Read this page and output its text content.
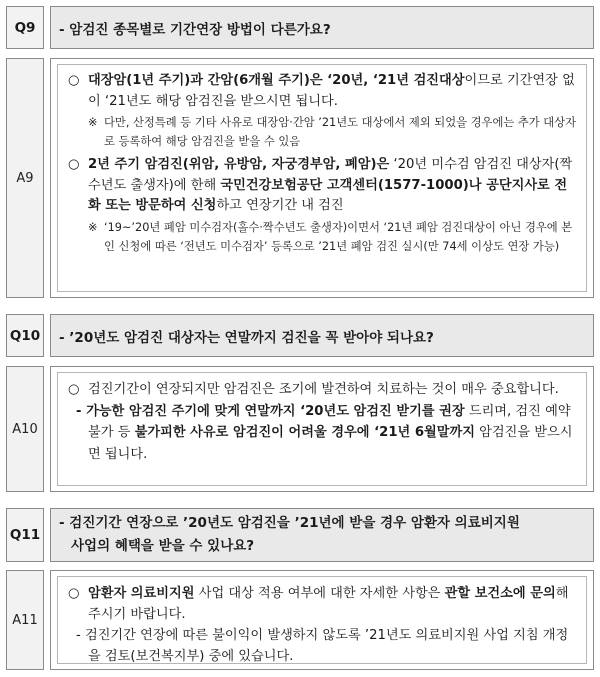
Q9	- 암검진 종목별로 기간연장 방법이 다른가요?
A9

○ 대장암(1년 주기)과 간암(6개월 주기)은 ‘20년, ‘21년 검진대상이므로 기간연장 없이 ‘21년도 해당 암검진을 받으시면 됩니다.

※ 다만, 산정특례 등 기타 사유로 대장암·간암 ’21년도 대상에서 제외 되었을 경우에는 추가 대상자로 등록하여 해당 암검진을 받을 수 있음

○ 2년 주기 암검진(위암, 유방암, 자궁경부암, 폐암)은 ‘20년 미수검 암검진 대상자(짝수년도 출생자)에 한해 국민건강보험공단 고객센터(1577-1000)나 공단지사로 전화 또는 방문하여 신청하고 연장기간 내 검진

※ ‘19~’20년 폐암 미수검자(홀수·짝수년도 출생자)이면서 ‘21년 폐암 검진대상이 아닌 경우에 본인 신청에 따른 ‘전년도 미수검자’ 등록으로 ’21년 폐암 검진 실시(만 74세 이상도 연장 가능)

Q10 - ’20년도 암검진 대상자는 연말까지 검진을 꼭 받아야 되나요?
A10

○ 검진기간이 연장되지만 암검진은 조기에 발견하여 치료하는 것이 매우 중요합니다.

- 가능한 암검진 주기에 맞게 연말까지 ‘20년도 암검진 받기를 권장 드리며, 검진 예약 불가 등 불가피한 사유로 암검진이 어려울 경우에 ‘21년 6월말까지 암검진을 받으시면 됩니다.

Q11
- 검진기간 연장으로 ’20년도 암검진을 ’21년에 받을 경우 암환자 의료비지원
사업의 혜택을 받을 수 있나요?
A11

○ 암환자 의료비지원 사업 대상 적용 여부에 대한 자세한 사항은 관할 보건소에 문의해 주시기 바랍니다.

- 검진기간 연장에 따른 불이익이 발생하지 않도록 ’21년도 의료비지원 사업 지침 개정을 검토(보건복지부) 중에 있습니다.
